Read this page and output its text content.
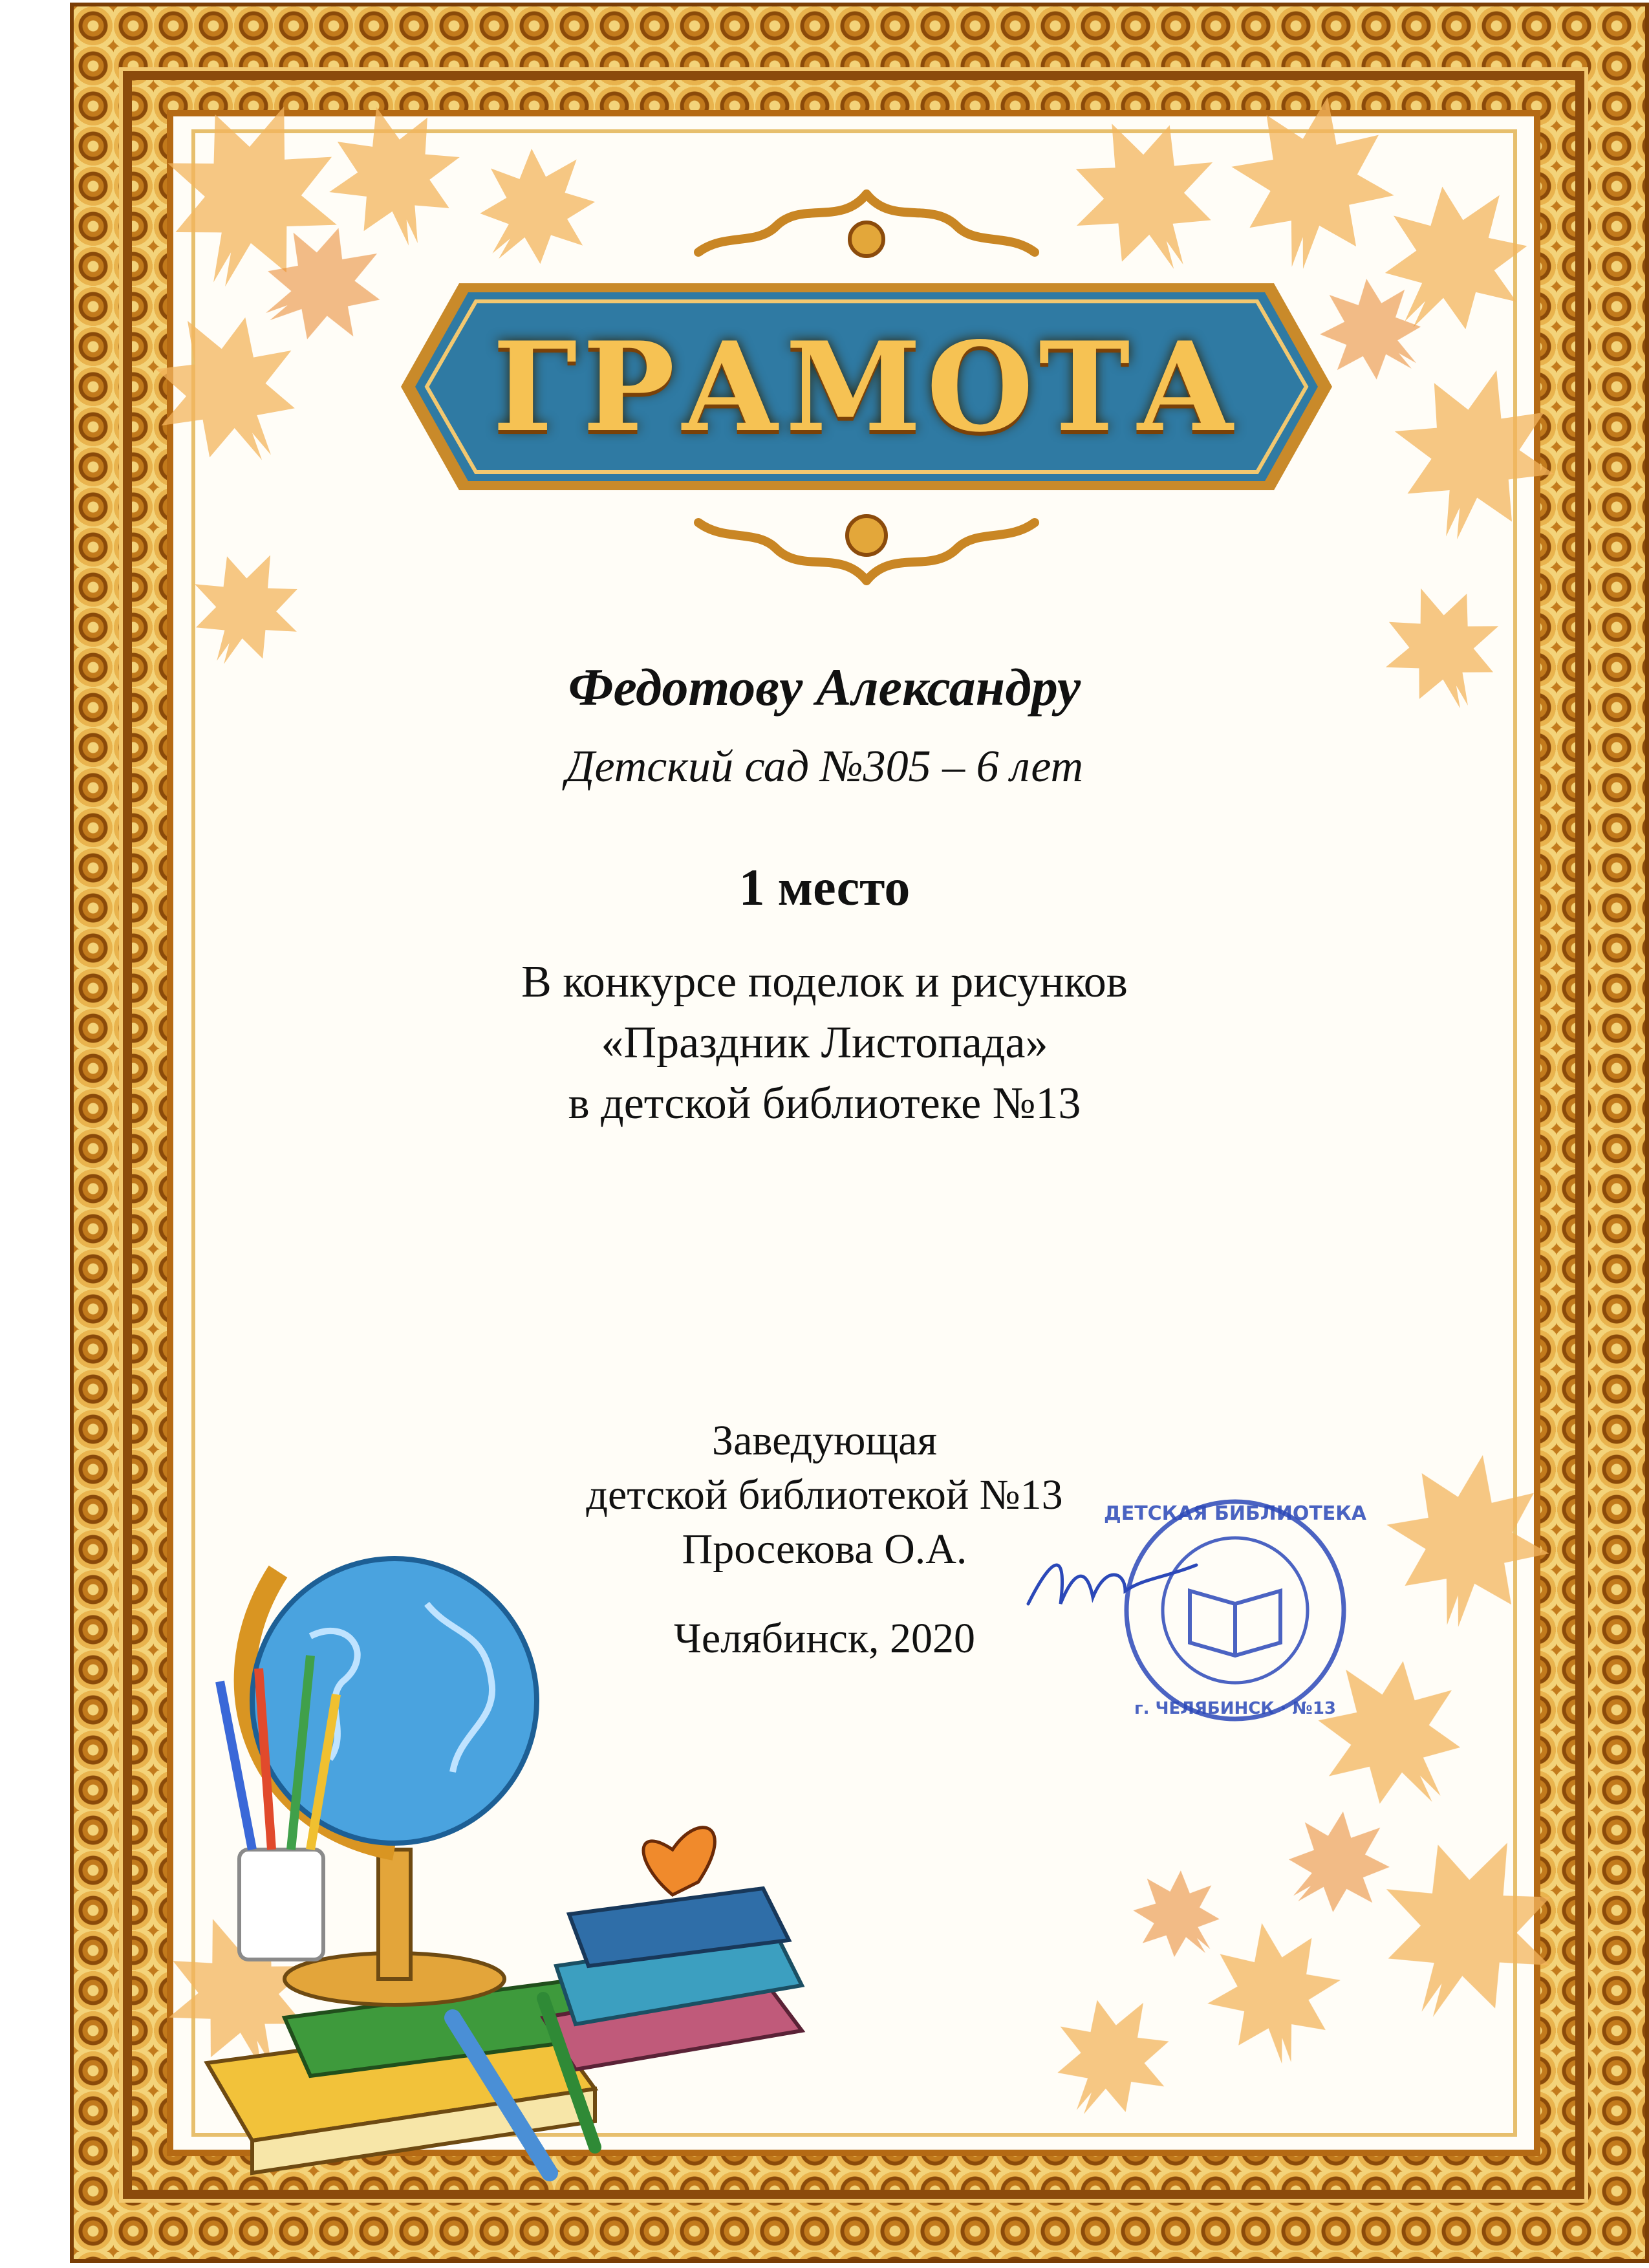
ГРАМОТА
Федотову Александру
Детский сад №305 – 6 лет
1 место
В конкурсе поделок и рисунков
«Праздник Листопада»
в детской библиотеке №13
Заведующая
детской библиотекой №13
Просекова О.А.
Челябинск, 2020
ДЕТСКАЯ БИБЛИОТЕКА
г. ЧЕЛЯБИНСК · №13
